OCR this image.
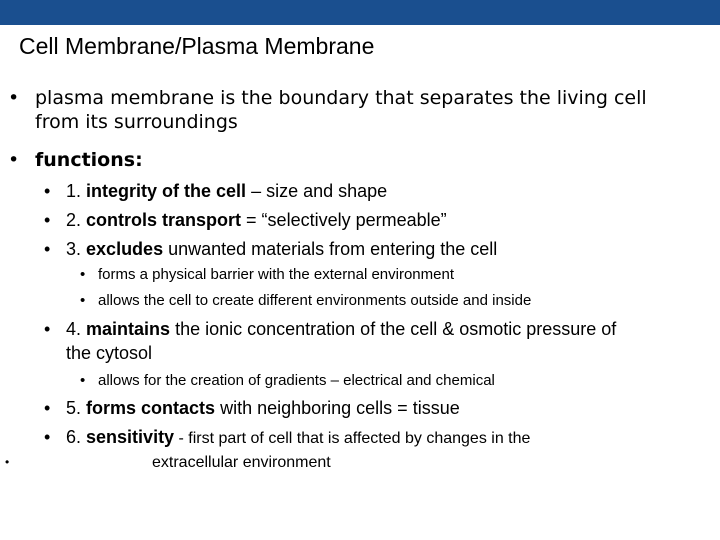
Cell Membrane/Plasma Membrane
• plasma membrane is the boundary that separates the living cell
from its surroundings
• functions:
• 1. integrity of the cell – size and shape
• 2. controls transport = “selectively permeable”
• 3. excludes unwanted materials from entering the cell
• forms a physical barrier with the external environment
• allows the cell to create different environments outside and inside
• 4. maintains the ionic concentration of the cell & osmotic pressure of
the cytosol
• allows for the creation of gradients – electrical and chemical
• 5. forms contacts with neighboring cells = tissue
• 6. sensitivity - first part of cell that is affected by changes in the
•	extracellular environment
